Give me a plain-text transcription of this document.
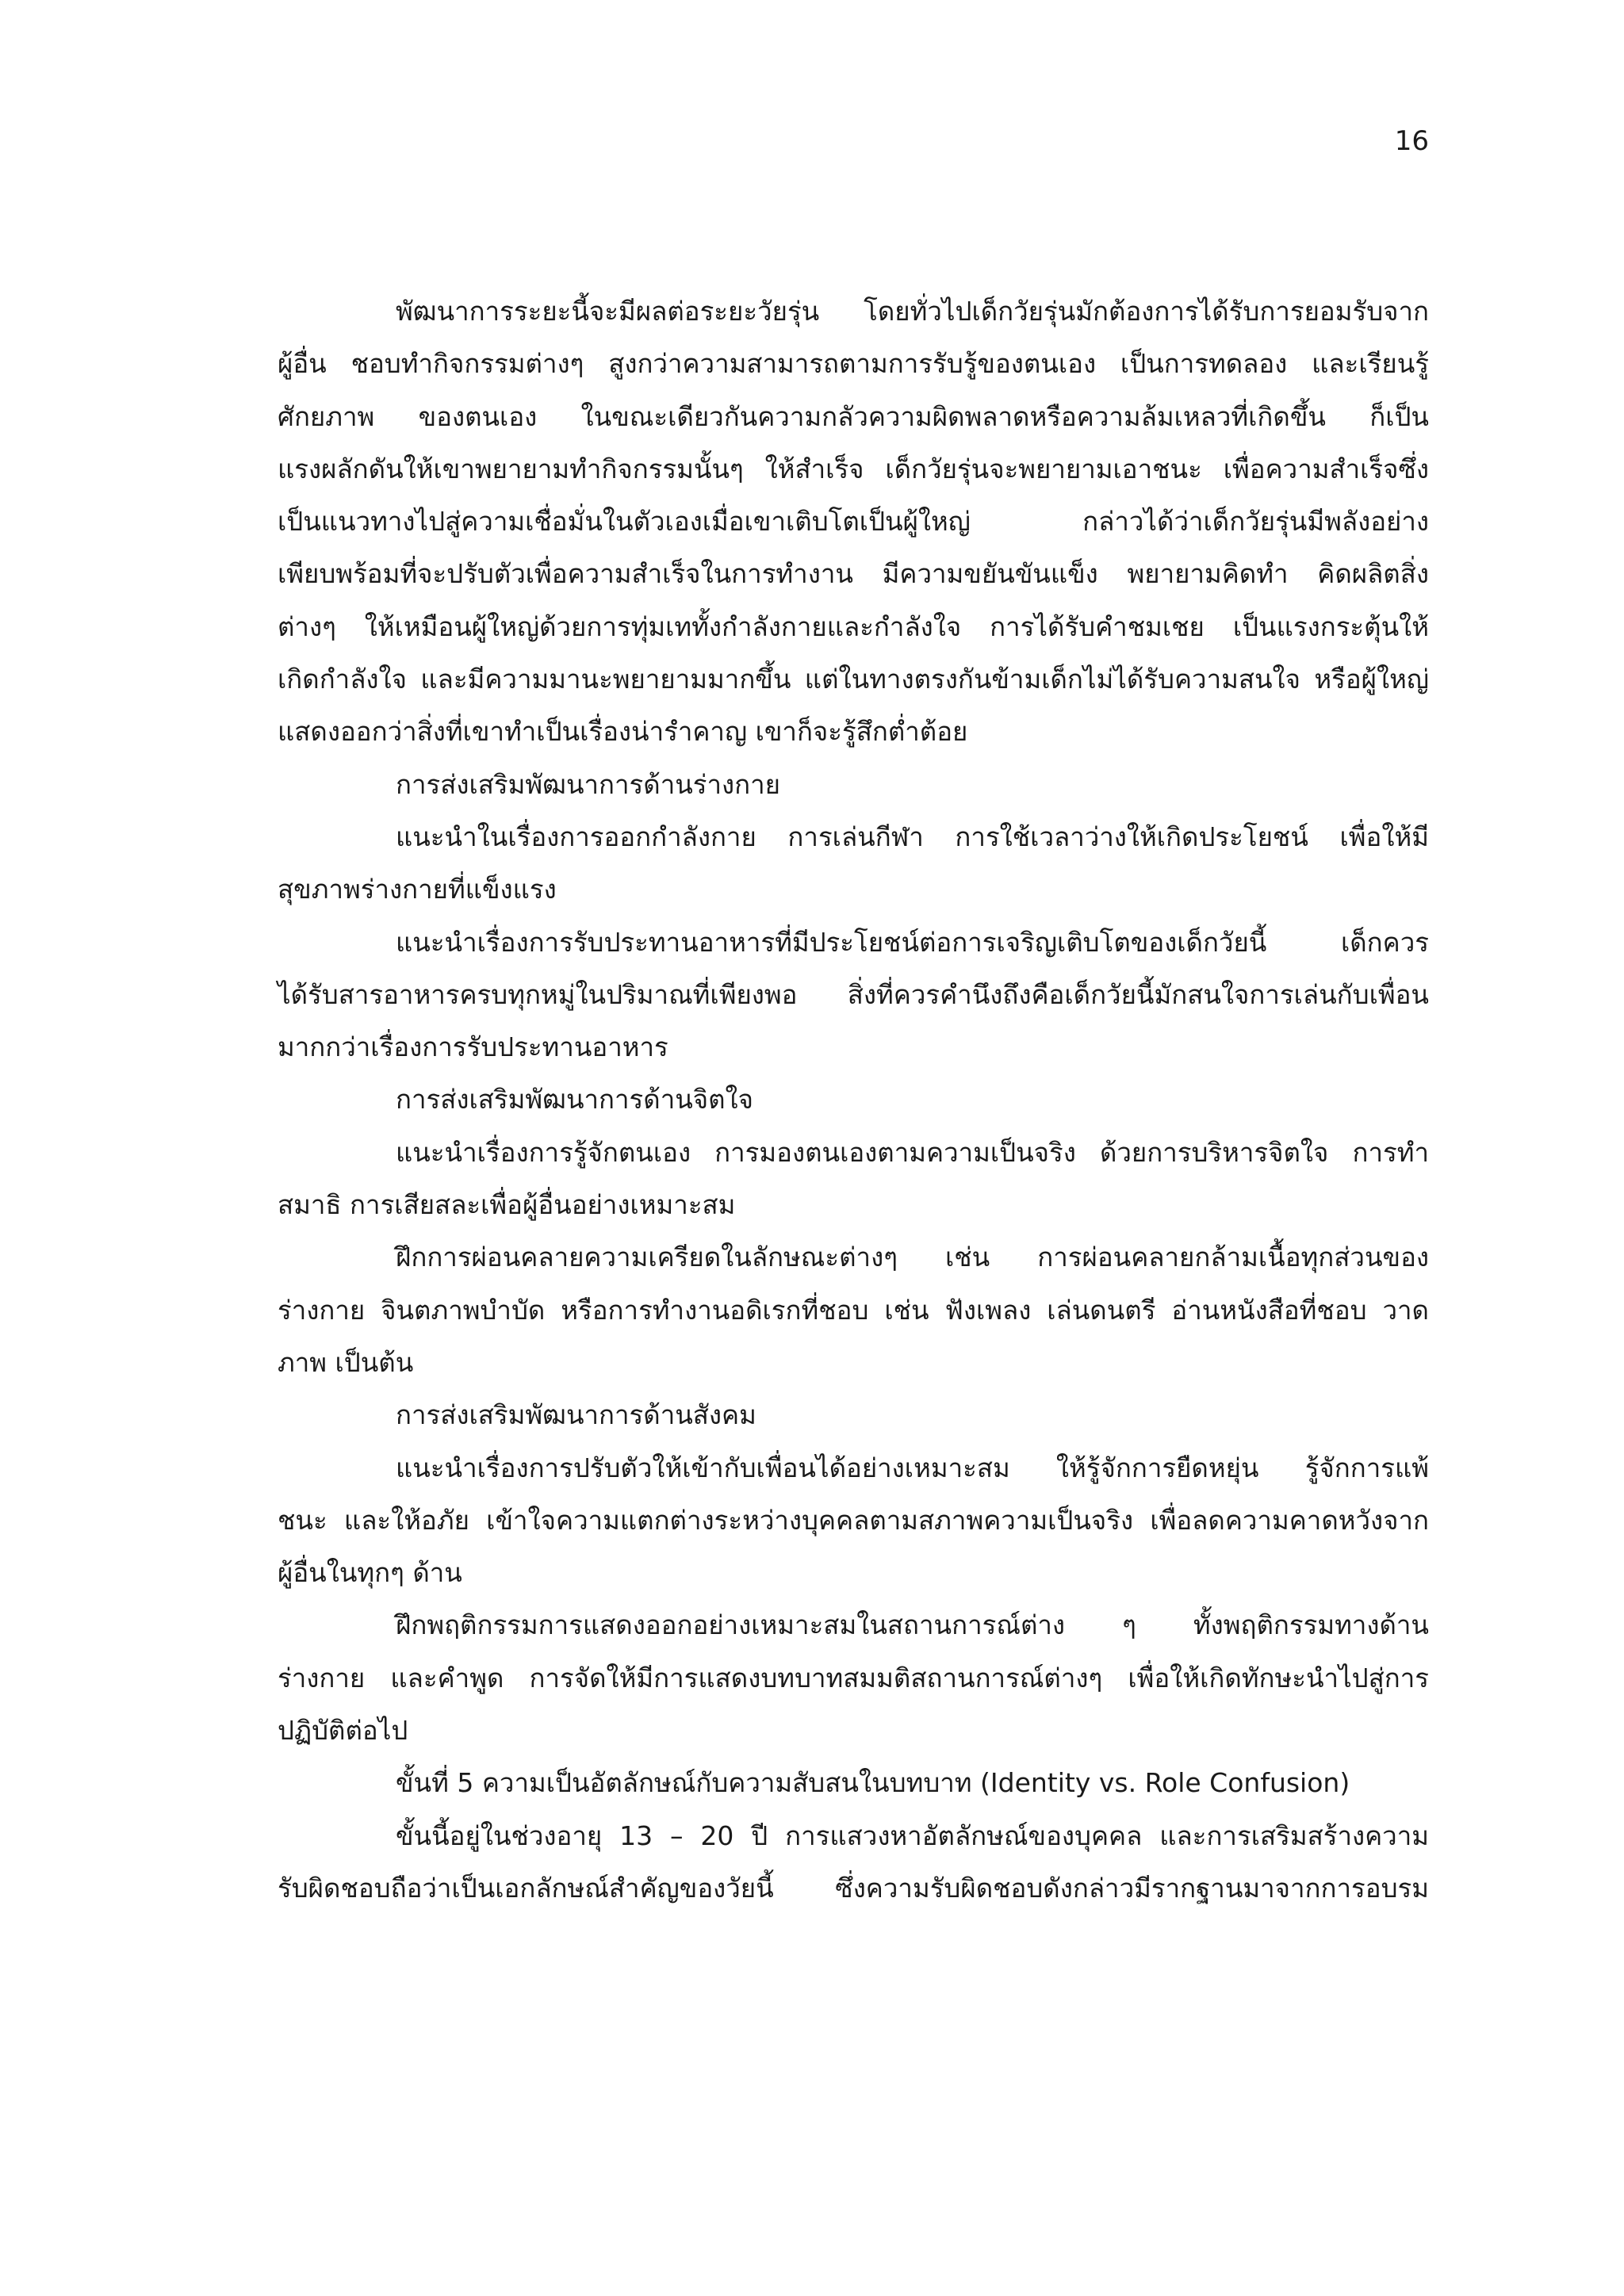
16

พัฒนาการระยะนี้จะมีผลต่อระยะวัยรุ่น โดยทั่วไปเด็กวัยรุ่นมักต้องการได้รับการยอมรับจาก
ผู้อื่น ชอบทำกิจกรรมต่างๆ สูงกว่าความสามารถตามการรับรู้ของตนเอง เป็นการทดลอง และเรียนรู้
ศักยภาพ ของตนเอง ในขณะเดียวกันความกลัวความผิดพลาดหรือความล้มเหลวที่เกิดขึ้น ก็เป็น
แรงผลักดันให้เขาพยายามทำกิจกรรมนั้นๆ ให้สำเร็จ เด็กวัยรุ่นจะพยายามเอาชนะ เพื่อความสำเร็จซึ่ง
เป็นแนวทางไปสู่ความเชื่อมั่นในตัวเองเมื่อเขาเติบโตเป็นผู้ใหญ่ กล่าวได้ว่าเด็กวัยรุ่นมีพลังอย่าง
เพียบพร้อมที่จะปรับตัวเพื่อความสำเร็จในการทำงาน มีความขยันขันแข็ง พยายามคิดทำ คิดผลิตสิ่ง
ต่างๆ ให้เหมือนผู้ใหญ่ด้วยการทุ่มเททั้งกำลังกายและกำลังใจ การได้รับคำชมเชย เป็นแรงกระตุ้นให้
เกิดกำลังใจ และมีความมานะพยายามมากขึ้น แต่ในทางตรงกันข้ามเด็กไม่ได้รับความสนใจ หรือผู้ใหญ่
แสดงออกว่าสิ่งที่เขาทำเป็นเรื่องน่ารำคาญ เขาก็จะรู้สึกต่ำต้อย

การส่งเสริมพัฒนาการด้านร่างกาย

แนะนำในเรื่องการออกกำลังกาย การเล่นกีฬา การใช้เวลาว่างให้เกิดประโยชน์ เพื่อให้มี
สุขภาพร่างกายที่แข็งแรง

แนะนำเรื่องการรับประทานอาหารที่มีประโยชน์ต่อการเจริญเติบโตของเด็กวัยนี้ เด็กควร
ได้รับสารอาหารครบทุกหมู่ในปริมาณที่เพียงพอ สิ่งที่ควรคำนึงถึงคือเด็กวัยนี้มักสนใจการเล่นกับเพื่อน
มากกว่าเรื่องการรับประทานอาหาร

การส่งเสริมพัฒนาการด้านจิตใจ

แนะนำเรื่องการรู้จักตนเอง การมองตนเองตามความเป็นจริง ด้วยการบริหารจิตใจ การทำ
สมาธิ การเสียสละเพื่อผู้อื่นอย่างเหมาะสม

ฝึกการผ่อนคลายความเครียดในลักษณะต่างๆ เช่น การผ่อนคลายกล้ามเนื้อทุกส่วนของ
ร่างกาย จินตภาพบำบัด หรือการทำงานอดิเรกที่ชอบ เช่น ฟังเพลง เล่นดนตรี อ่านหนังสือที่ชอบ วาด
ภาพ เป็นต้น

การส่งเสริมพัฒนาการด้านสังคม

แนะนำเรื่องการปรับตัวให้เข้ากับเพื่อนได้อย่างเหมาะสม ให้รู้จักการยืดหยุ่น รู้จักการแพ้
ชนะ และให้อภัย เข้าใจความแตกต่างระหว่างบุคคลตามสภาพความเป็นจริง เพื่อลดความคาดหวังจาก
ผู้อื่นในทุกๆ ด้าน

ฝึกพฤติกรรมการแสดงออกอย่างเหมาะสมในสถานการณ์ต่าง ๆ ทั้งพฤติกรรมทางด้าน
ร่างกาย และคำพูด การจัดให้มีการแสดงบทบาทสมมติสถานการณ์ต่างๆ เพื่อให้เกิดทักษะนำไปสู่การ
ปฏิบัติต่อไป

ขั้นที่ 5 ความเป็นอัตลักษณ์กับความสับสนในบทบาท (Identity vs. Role Confusion)

ขั้นนี้อยู่ในช่วงอายุ 13 – 20 ปี การแสวงหาอัตลักษณ์ของบุคคล และการเสริมสร้างความ
รับผิดชอบถือว่าเป็นเอกลักษณ์สำคัญของวัยนี้ ซึ่งความรับผิดชอบดังกล่าวมีรากฐานมาจากการอบรม
